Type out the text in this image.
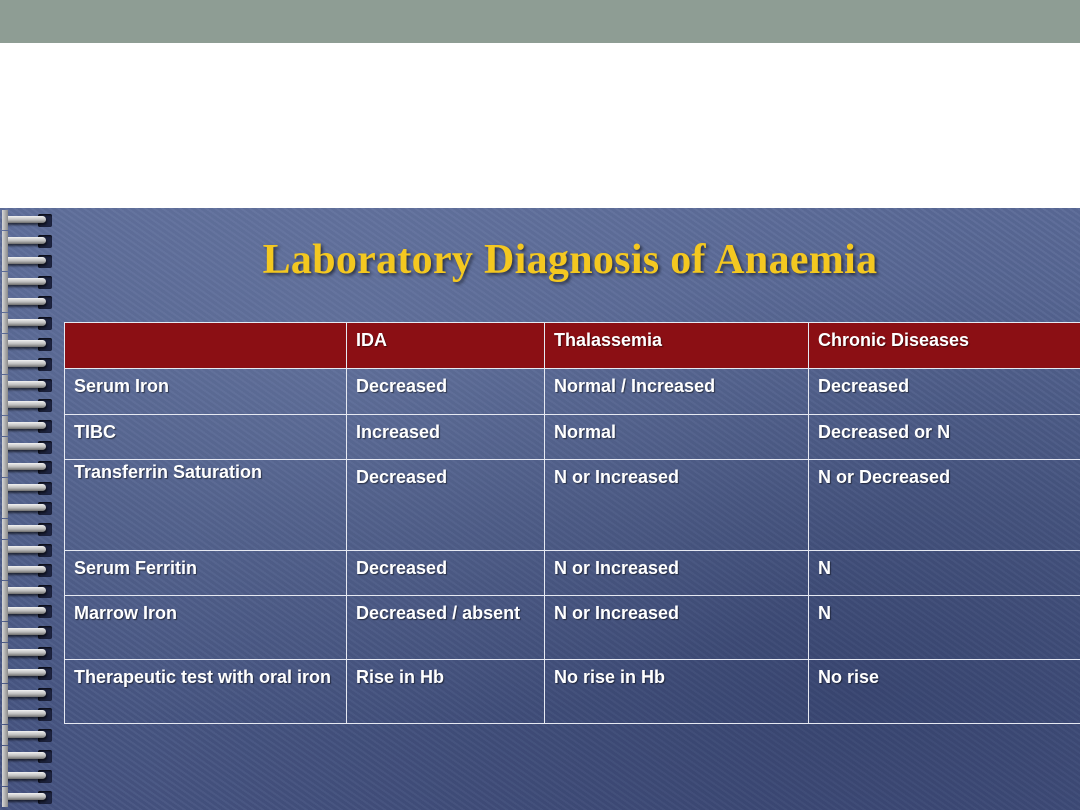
Laboratory Diagnosis of Anaemia
	IDA	Thalassemia	Chronic Diseases
Serum Iron	Decreased	Normal / Increased	Decreased
TIBC	Increased	Normal	Decreased or N
Transferrin Saturation	Decreased	N or Increased	N or Decreased
Serum Ferritin	Decreased	N or Increased	N
Marrow Iron	Decreased / absent	N or Increased	N
Therapeutic test with oral iron	Rise in Hb	No rise in Hb	No rise
